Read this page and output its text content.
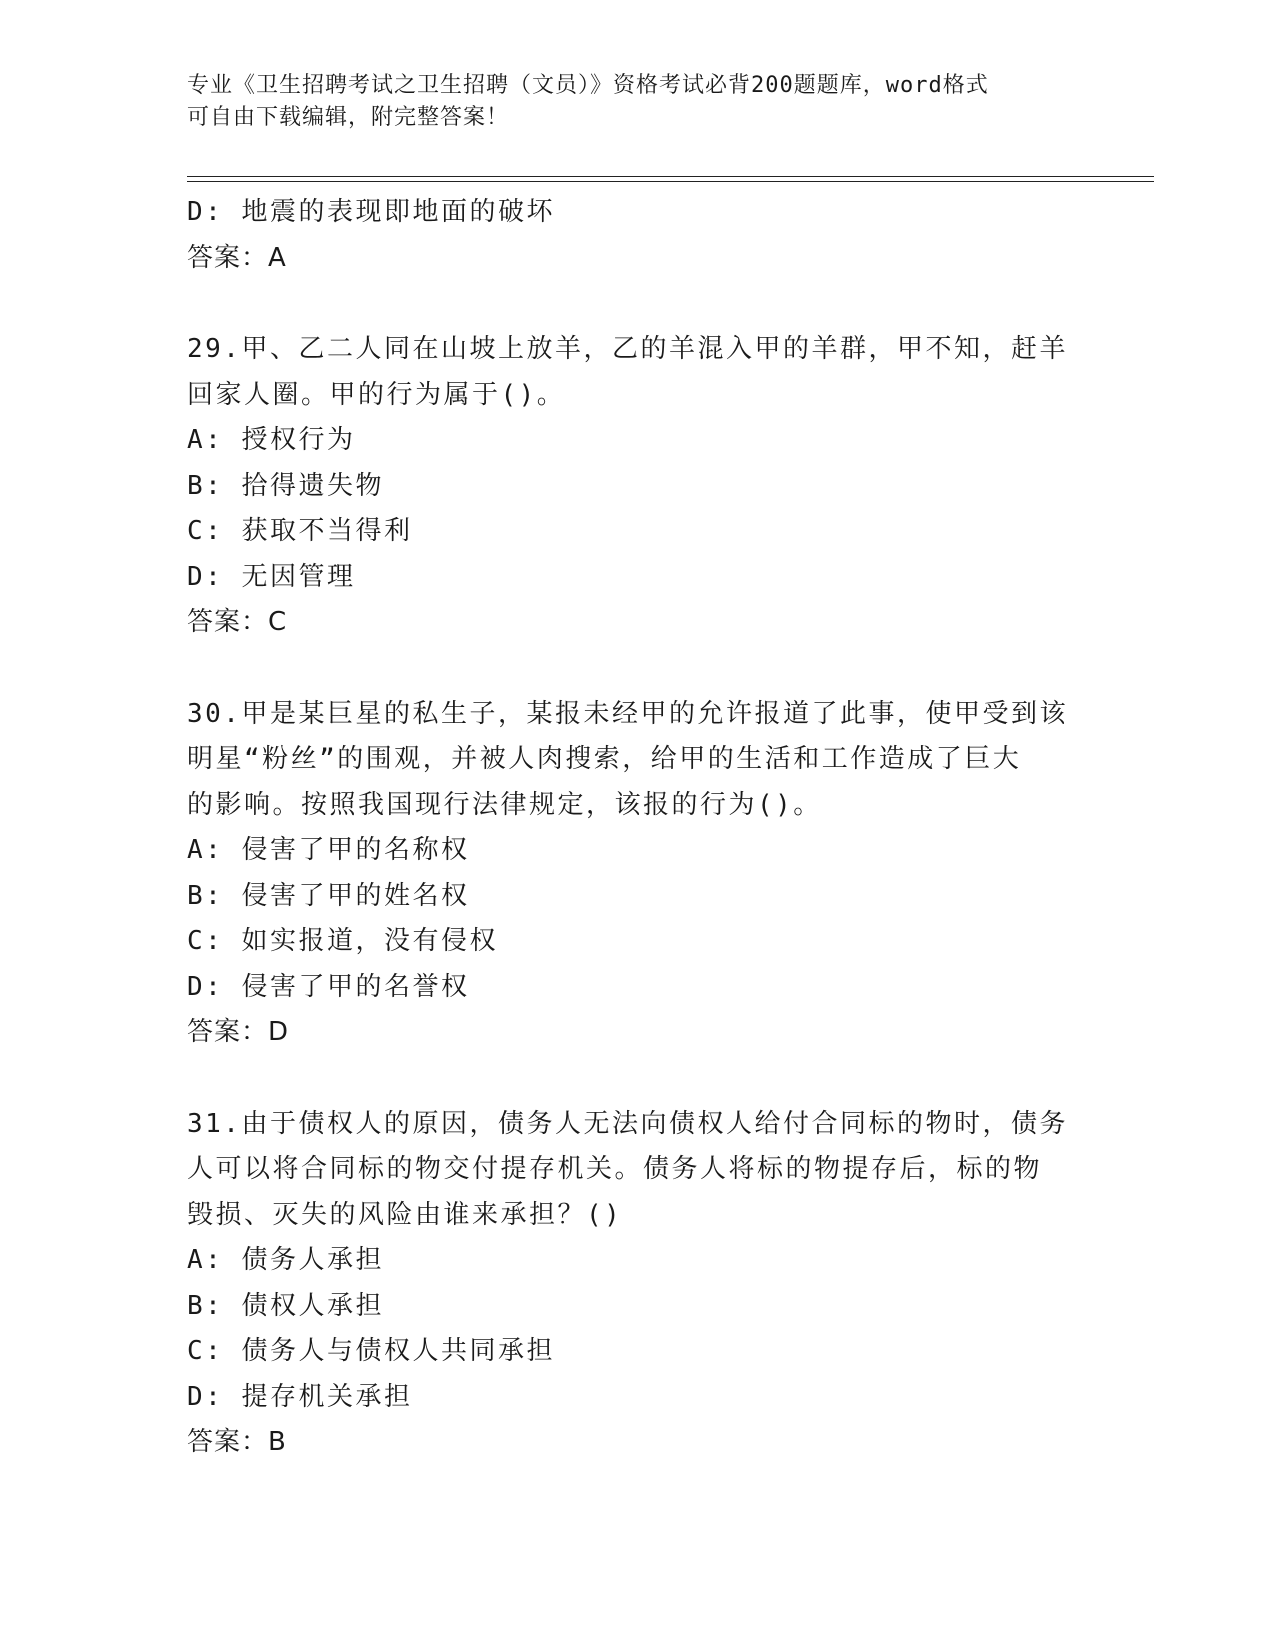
专业《卫生招聘考试之卫生招聘（文员）》资格考试必背200题题库，word格式
可自由下载编辑，附完整答案！
D: 地震的表现即地面的破坏
答案：A
29.甲、乙二人同在山坡上放羊，乙的羊混入甲的羊群，甲不知，赶羊
回家人圈。甲的行为属于()。
A: 授权行为
B: 拾得遗失物
C: 获取不当得利
D: 无因管理
答案：C
30.甲是某巨星的私生子，某报未经甲的允许报道了此事，使甲受到该
明星“粉丝”的围观，并被人肉搜索，给甲的生活和工作造成了巨大
的影响。按照我国现行法律规定，该报的行为()。
A: 侵害了甲的名称权
B: 侵害了甲的姓名权
C: 如实报道，没有侵权
D: 侵害了甲的名誉权
答案：D
31.由于债权人的原因，债务人无法向债权人给付合同标的物时，债务
人可以将合同标的物交付提存机关。债务人将标的物提存后，标的物
毁损、灭失的风险由谁来承担？()
A: 债务人承担
B: 债权人承担
C: 债务人与债权人共同承担
D: 提存机关承担
答案：B
